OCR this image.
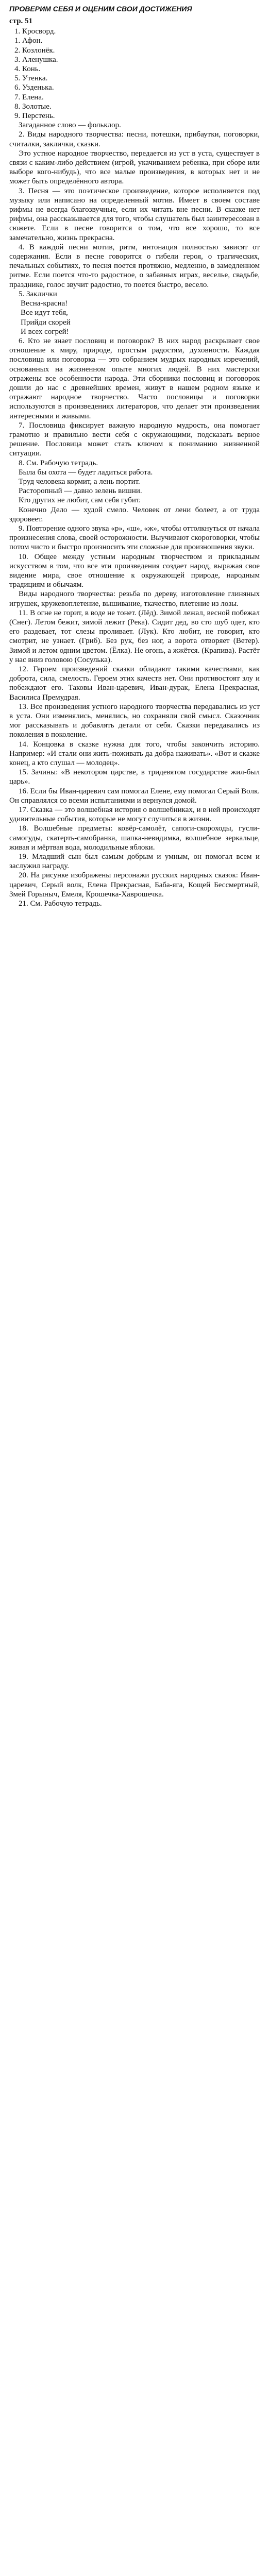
ПРОВЕРИМ СЕБЯ И ОЦЕНИМ СВОИ ДОСТИЖЕНИЯ
стр. 51

1. Кросворд.

1. Афон.

2. Козлонёк.

3. Аленушка.

4. Конь.

5. Утенка.

6. Узденька.

7. Елена.

8. Золотые.

9. Перстень.

Загаданное слово — фольклор.

2. Виды народного творчества: песни, потешки, прибаутки, поговорки, считалки, заклички, сказки.

Это устное народное творчество, передается из уст в уста, существует в связи с каким-либо действием (игрой, укачиванием ребенка, при сборе или выборе кого-нибудь), что все малые произведения, в которых нет и не может быть определённого автора.

3. Песня — это поэтическое произведение, которое исполняется под музыку или написано на определенный мотив. Имеет в своем составе рифмы не всегда благозвучные, если их читать вне песни. В сказке нет рифмы, она рассказывается для того, чтобы слушатель был заинтересован в сюжете. Если в песне говорится о том, что все хорошо, то все замечательно, жизнь прекрасна.

4. В каждой песни мотив, ритм, интонация полностью зависят от содержания. Если в песне говорится о гибели героя, о трагических, печальных событиях, то песня поется протяжно, медленно, в замедленном ритме. Если поется что-то радостное, о забавных играх, веселье, свадьбе, празднике, голос звучит радостно, то поется быстро, весело.

5. Заклички

Весна-красна!

Все идут тебя,

Прийди скорей

И всех согрей!

6. Кто не знает пословиц и поговорок? В них народ раскрывает свое отношение к миру, природе, простым радостям, духовности. Каждая пословица или поговорка — это собранием мудрых народных изречений, основанных на жизненном опыте многих людей. В них мастерски отражены все особенности народа. Эти сборники пословиц и поговорок дошли до нас с древнейших времен, живут в нашем родном языке и отражают народное творчество. Часто пословицы и поговорки используются в произведениях литераторов, что делает эти произведения интересными и живыми.

7. Пословица фиксирует важную народную мудрость, она помогает грамотно и правильно вести себя с окружающими, подсказать верное решение. Пословица может стать ключом к пониманию жизненной ситуации.

8. См. Рабочую тетрадь.

Была бы охота — будет ладиться работа.

Труд человека кормит, а лень портит.

Расторопный — давно зелень вишни.

Кто других не любит, сам себя губит.

Конечно Дело — худой смело. Человек от лени болеет, а от труда здоровеет.

9. Повторение одного звука «р», «ш», «ж», чтобы оттолкнуться от начала произнесения слова, своей осторожности. Выучивают скороговорки, чтобы потом чисто и быстро произносить эти сложные для произношения звуки.

10. Общее между устным народным творчеством и прикладным искусством в том, что все эти произведения создает народ, выражая свое видение мира, свое отношение к окружающей природе, народным традициям и обычаям.

Виды народного творчества: резьба по дереву, изготовление глиняных игрушек, кружевоплетение, вышивание, ткачество, плетение из лозы.

11. В огне не горит, в воде не тонет. (Лёд). Зимой лежал, весной побежал (Снег). Летом бежит, зимой лежит (Река). Сидит дед, во сто шуб одет, кто его раздевает, тот слезы проливает. (Лук). Кто любит, не говорит, кто смотрит, не узнает. (Гриб). Без рук, без ног, а ворота отворяет (Ветер). Зимой и летом одним цветом. (Ёлка). Не огонь, а жжётся. (Крапива). Растёт у нас вниз головою (Сосулька).

12. Героем произведений сказки обладают такими качествами, как доброта, сила, смелость. Героем этих качеств нет. Они противостоят злу и побеждают его. Таковы Иван-царевич, Иван-дурак, Елена Прекрасная, Василиса Премудрая.

13. Все произведения устного народного творчества передавались из уст в уста. Они изменялись, менялись, но сохраняли свой смысл. Сказочник мог рассказывать и добавлять детали от себя. Сказки передавались из поколения в поколение.

14. Концовка в сказке нужна для того, чтобы закончить историю. Например: «И стали они жить-поживать да добра наживать». «Вот и сказке конец, а кто слушал — молодец».

15. Зачины: «В некотором царстве, в тридевятом государстве жил-был царь».

16. Если бы Иван-царевич сам помогал Елене, ему помогал Серый Волк. Он справлялся со всеми испытаниями и вернулся домой.

17. Сказка — это волшебная история о волшебниках, и в ней происходят удивительные события, которые не могут случиться в жизни.

18. Волшебные предметы: ковёр-самолёт, сапоги-скороходы, гусли-самогуды, скатерть-самобранка, шапка-невидимка, волшебное зеркальце, живая и мёртвая вода, молодильные яблоки.

19. Младший сын был самым добрым и умным, он помогал всем и заслужил награду.

20. На рисунке изображены персонажи русских народных сказок: Иван-царевич, Серый волк, Елена Прекрасная, Баба-яга, Кощей Бессмертный, Змей Горыныч, Емеля, Крошечка-Хаврошечка.

21. См. Рабочую тетрадь.
